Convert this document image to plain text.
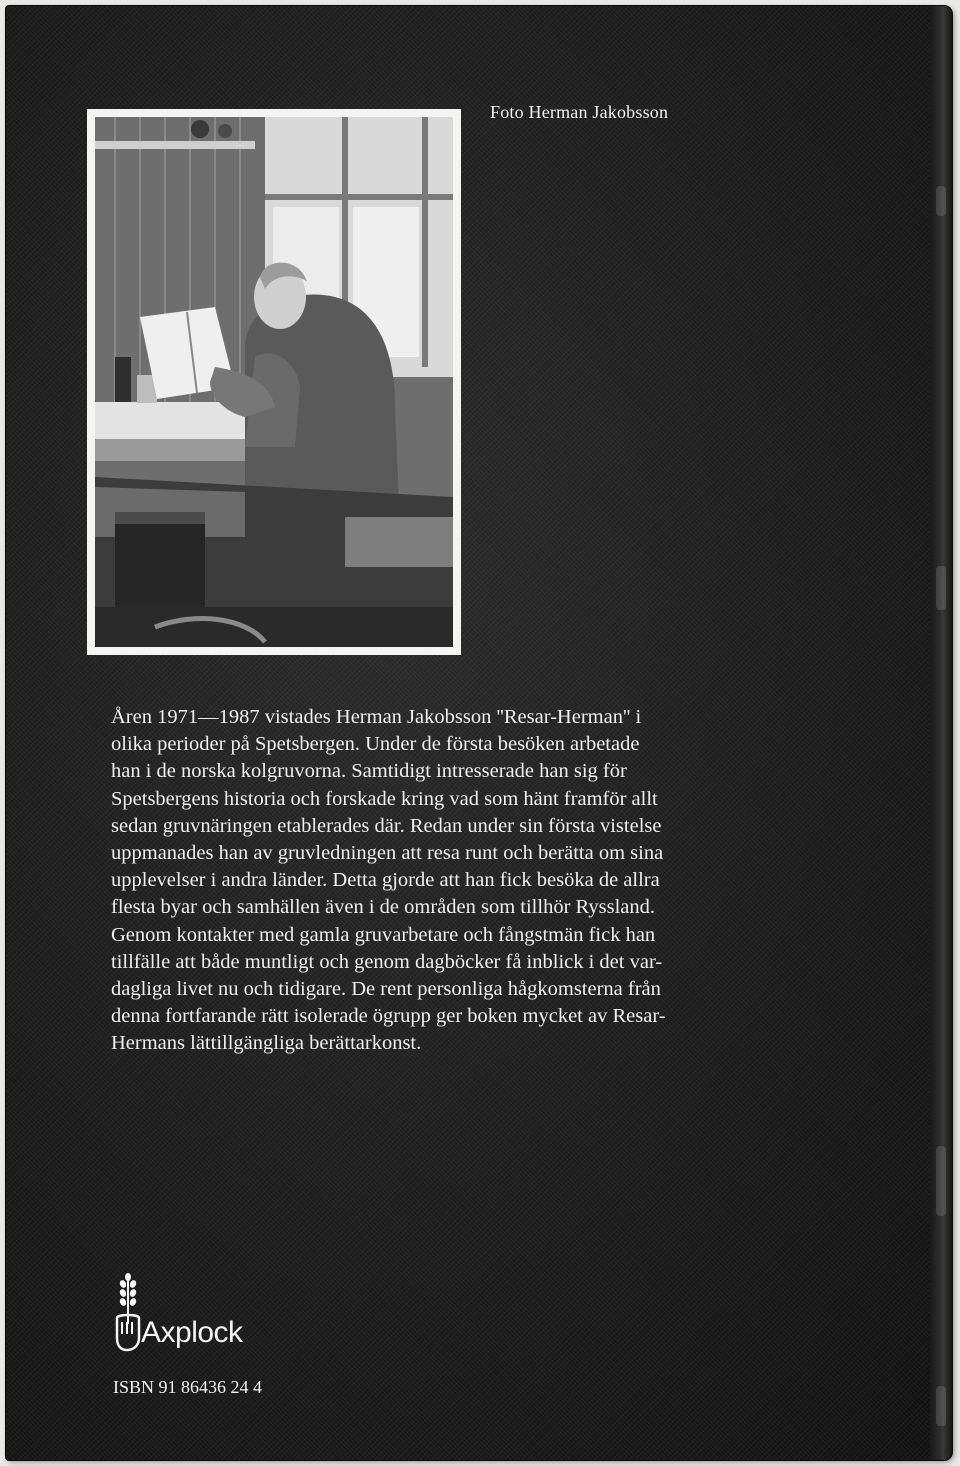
Foto Herman Jakobsson
Åren 1971—1987 vistades Herman Jakobsson ''Resar-Herman'' i
olika perioder på Spetsbergen. Under de första besöken arbetade
han i de norska kolgruvorna. Samtidigt intresserade han sig för
Spetsbergens historia och forskade kring vad som hänt framför allt
sedan gruvnäringen etablerades där. Redan under sin första vistelse
uppmanades han av gruvledningen att resa runt och berätta om sina
upplevelser i andra länder. Detta gjorde att han fick besöka de allra
flesta byar och samhällen även i de områden som tillhör Ryssland.
Genom kontakter med gamla gruvarbetare och fångstmän fick han
tillfälle att både muntligt och genom dagböcker få inblick i det var-
dagliga livet nu och tidigare. De rent personliga hågkomsterna från
denna fortfarande rätt isolerade ögrupp ger boken mycket av Resar-
Hermans lättillgängliga berättarkonst.
Axplock
ISBN 91 86436 24 4
